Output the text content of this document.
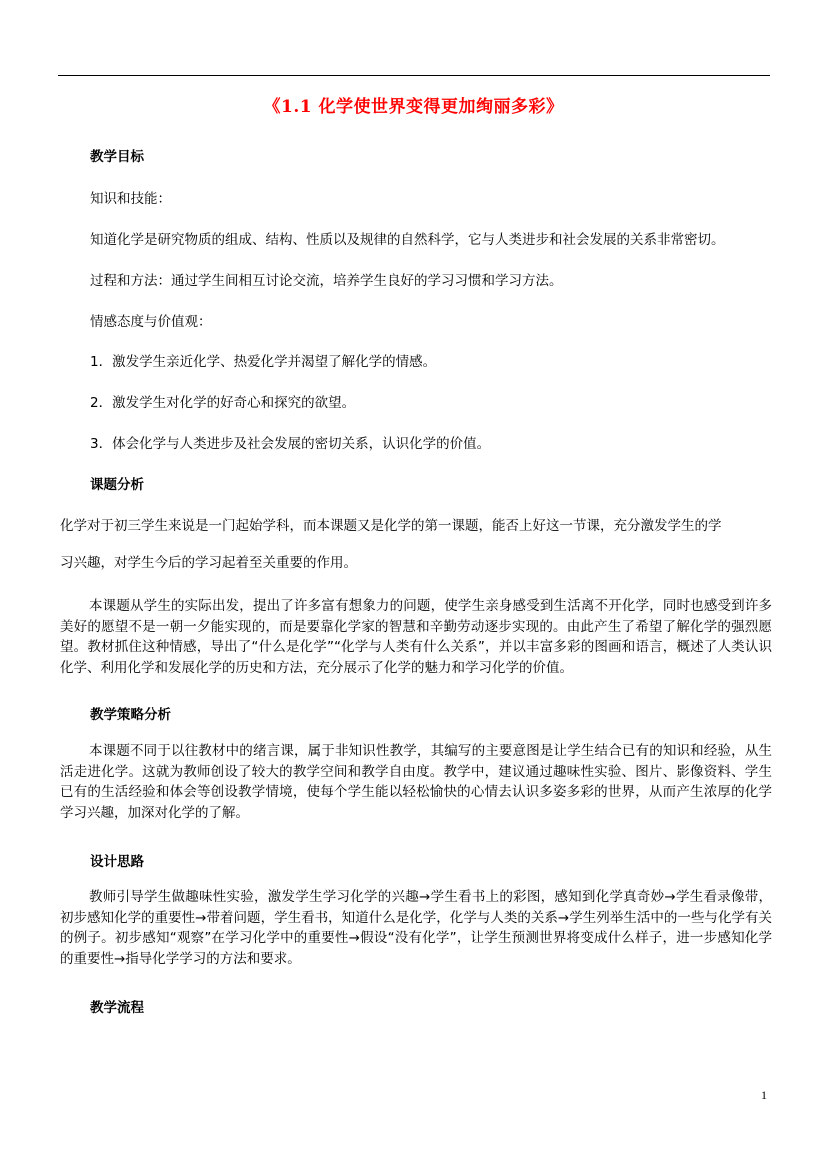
《1.1 化学使世界变得更加绚丽多彩》
教学目标
知识和技能：
知道化学是研究物质的组成、结构、性质以及规律的自然科学，它与人类进步和社会发展的关系非常密切。
过程和方法：通过学生间相互讨论交流，培养学生良好的学习习惯和学习方法。
情感态度与价值观：
1．激发学生亲近化学、热爱化学并渴望了解化学的情感。
2．激发学生对化学的好奇心和探究的欲望。
3．体会化学与人类进步及社会发展的密切关系，认识化学的价值。
课题分析
化学对于初三学生来说是一门起始学科，而本课题又是化学的第一课题，能否上好这一节课，充分激发学生的学
习兴趣，对学生今后的学习起着至关重要的作用。
本课题从学生的实际出发，提出了许多富有想象力的问题，使学生亲身感受到生活离不开化学，同时也感受到许多美好的愿望不是一朝一夕能实现的，而是要靠化学家的智慧和辛勤劳动逐步实现的。由此产生了希望了解化学的强烈愿望。教材抓住这种情感，导出了“什么是化学”“化学与人类有什么关系”，并以丰富多彩的图画和语言，概述了人类认识化学、利用化学和发展化学的历史和方法，充分展示了化学的魅力和学习化学的价值。
教学策略分析
本课题不同于以往教材中的绪言课，属于非知识性教学，其编写的主要意图是让学生结合已有的知识和经验，从生活走进化学。这就为教师创设了较大的教学空间和教学自由度。教学中，建议通过趣味性实验、图片、影像资料、学生已有的生活经验和体会等创设教学情境，使每个学生能以轻松愉快的心情去认识多姿多彩的世界，从而产生浓厚的化学学习兴趣，加深对化学的了解。
设计思路
教师引导学生做趣味性实验，激发学生学习化学的兴趣→学生看书上的彩图，感知到化学真奇妙→学生看录像带，初步感知化学的重要性→带着问题，学生看书，知道什么是化学，化学与人类的关系→学生列举生活中的一些与化学有关的例子。初步感知“观察”在学习化学中的重要性→假设“没有化学”，让学生预测世界将变成什么样子，进一步感知化学的重要性→指导化学学习的方法和要求。
教学流程
1
